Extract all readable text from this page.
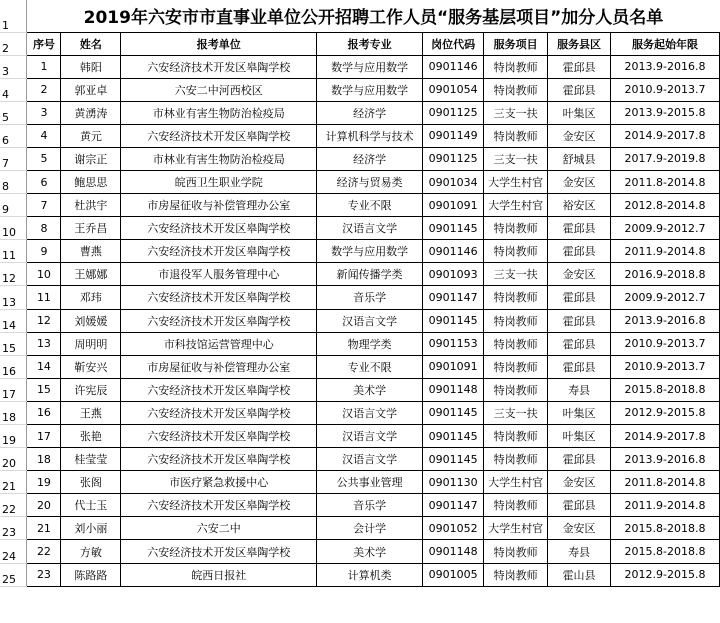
1	2019年六安市市直事业单位公开招聘工作人员“服务基层项目”加分人员名单							
2	序号	姓名	报考单位	报考专业	岗位代码	服务项目	服务县区	服务起始年限
3	1	韩阳	六安经济技术开发区皋陶学校	数学与应用数学	0901146	特岗教师	霍邱县	2013.9-2016.8
4	2	郭亚卓	六安二中河西校区	数学与应用数学	0901054	特岗教师	霍邱县	2010.9-2013.7
5	3	黄湧涛	市林业有害生物防治检疫局	经济学	0901125	三支一扶	叶集区	2013.9-2015.8
6	4	黄元	六安经济技术开发区皋陶学校	计算机科学与技术	0901149	特岗教师	金安区	2014.9-2017.8
7	5	谢宗正	市林业有害生物防治检疫局	经济学	0901125	三支一扶	舒城县	2017.9-2019.8
8	6	鲍思思	皖西卫生职业学院	经济与贸易类	0901034	大学生村官	金安区	2011.8-2014.8
9	7	杜洪宇	市房屋征收与补偿管理办公室	专业不限	0901091	大学生村官	裕安区	2012.8-2014.8
10	8	王乔昌	六安经济技术开发区皋陶学校	汉语言文学	0901145	特岗教师	霍邱县	2009.9-2012.7
11	9	曹燕	六安经济技术开发区皋陶学校	数学与应用数学	0901146	特岗教师	霍邱县	2011.9-2014.8
12	10	王娜娜	市退役军人服务管理中心	新闻传播学类	0901093	三支一扶	金安区	2016.9-2018.8
13	11	邓玮	六安经济技术开发区皋陶学校	音乐学	0901147	特岗教师	霍邱县	2009.9-2012.7
14	12	刘媛媛	六安经济技术开发区皋陶学校	汉语言文学	0901145	特岗教师	霍邱县	2013.9-2016.8
15	13	周明明	市科技馆运营管理中心	物理学类	0901153	特岗教师	霍邱县	2010.9-2013.7
16	14	靳安兴	市房屋征收与补偿管理办公室	专业不限	0901091	特岗教师	霍邱县	2010.9-2013.7
17	15	许宪辰	六安经济技术开发区皋陶学校	美术学	0901148	特岗教师	寿县	2015.8-2018.8
18	16	王燕	六安经济技术开发区皋陶学校	汉语言文学	0901145	三支一扶	叶集区	2012.9-2015.8
19	17	张艳	六安经济技术开发区皋陶学校	汉语言文学	0901145	特岗教师	叶集区	2014.9-2017.8
20	18	桂莹莹	六安经济技术开发区皋陶学校	汉语言文学	0901145	特岗教师	霍邱县	2013.9-2016.8
21	19	张阁	市医疗紧急救援中心	公共事业管理	0901130	大学生村官	金安区	2011.8-2014.8
22	20	代士玉	六安经济技术开发区皋陶学校	音乐学	0901147	特岗教师	霍邱县	2011.9-2014.8
23	21	刘小丽	六安二中	会计学	0901052	大学生村官	金安区	2015.8-2018.8
24	22	方敏	六安经济技术开发区皋陶学校	美术学	0901148	特岗教师	寿县	2015.8-2018.8
25	23	陈路路	皖西日报社	计算机类	0901005	特岗教师	霍山县	2012.9-2015.8
